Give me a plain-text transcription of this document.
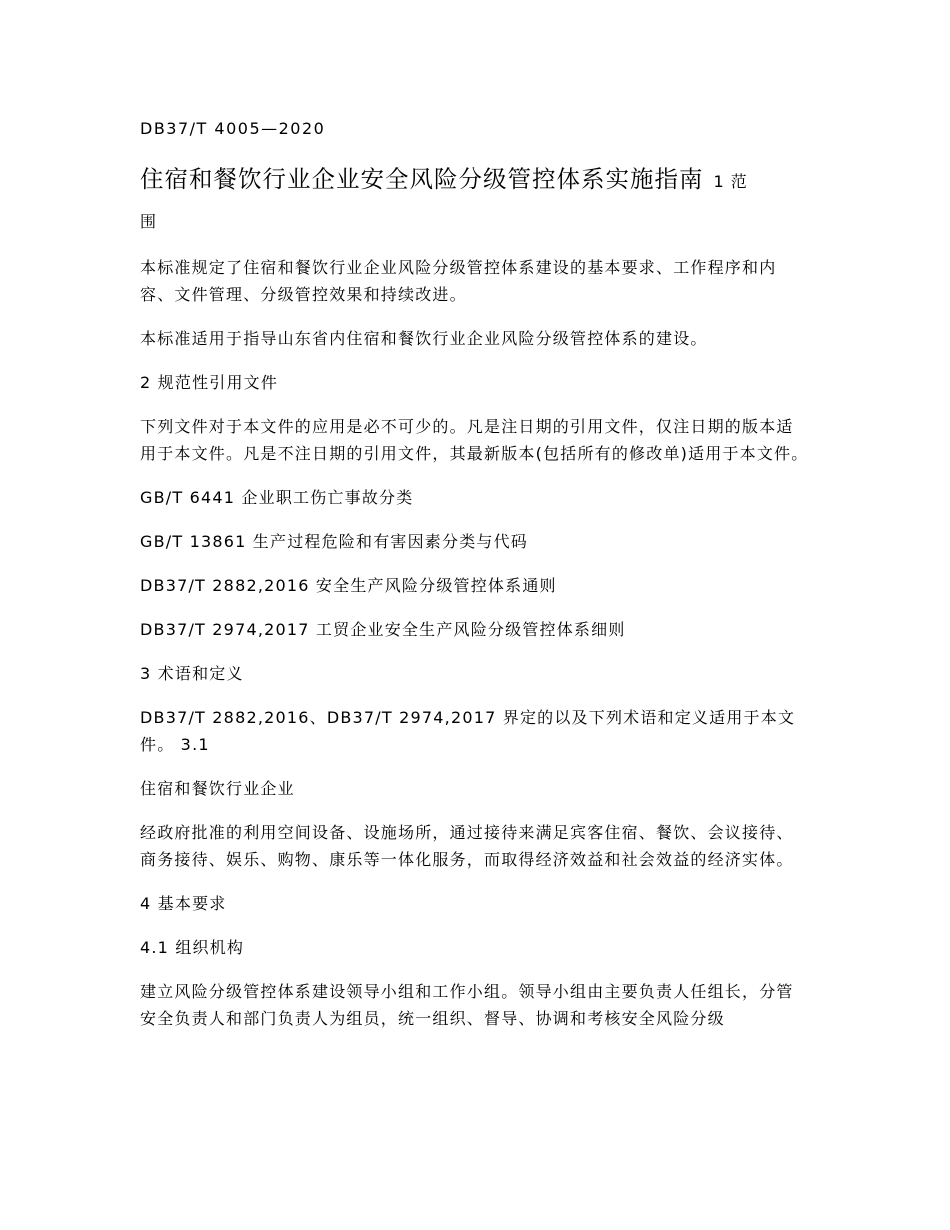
DB37/T 4005—2020
住宿和餐饮行业企业安全风险分级管控体系实施指南 1 范
围

本标准规定了住宿和餐饮行业企业风险分级管控体系建设的基本要求、工作程序和内容、文件管理、分级管控效果和持续改进。

本标准适用于指导山东省内住宿和餐饮行业企业风险分级管控体系的建设。

2 规范性引用文件

下列文件对于本文件的应用是必不可少的。凡是注日期的引用文件，仅注日期的版本适用于本文件。凡是不注日期的引用文件，其最新版本(包括所有的修改单)适用于本文件。

GB/T 6441 企业职工伤亡事故分类

GB/T 13861 生产过程危险和有害因素分类与代码

DB37/T 2882,2016 安全生产风险分级管控体系通则

DB37/T 2974,2017 工贸企业安全生产风险分级管控体系细则

3 术语和定义

DB37/T 2882,2016、DB37/T 2974,2017 界定的以及下列术语和定义适用于本文件。 3.1

住宿和餐饮行业企业

经政府批准的利用空间设备、设施场所，通过接待来满足宾客住宿、餐饮、会议接待、商务接待、娱乐、购物、康乐等一体化服务，而取得经济效益和社会效益的经济实体。

4 基本要求

4.1 组织机构

建立风险分级管控体系建设领导小组和工作小组。领导小组由主要负责人任组长，分管安全负责人和部门负责人为组员，统一组织、督导、协调和考核安全风险分级
